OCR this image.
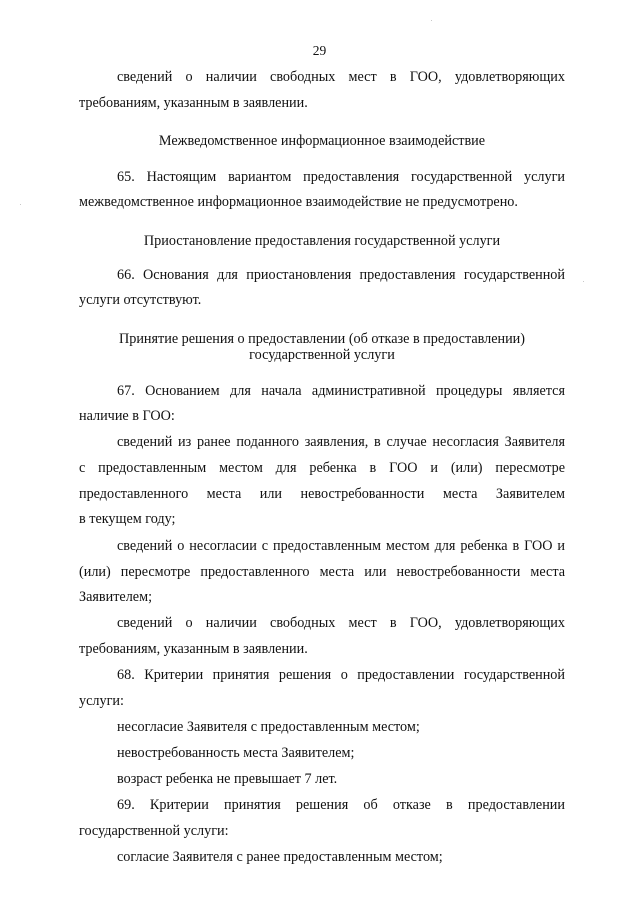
29
сведений о наличии свободных мест в ГОО, удовлетворяющих
требованиям, указанным в заявлении.
Межведомственное информационное взаимодействие
65. Настоящим вариантом предоставления государственной услуги
межведомственное информационное взаимодействие не предусмотрено.
Приостановление предоставления государственной услуги
66. Основания для приостановления предоставления государственной
услуги отсутствуют.
Принятие решения о предоставлении (об отказе в предоставлении)
государственной услуги
67. Основанием для начала административной процедуры является
наличие в ГОО:
сведений из ранее поданного заявления, в случае несогласия Заявителя
с предоставленным местом для ребенка в ГОО и (или) пересмотре
предоставленного места или невостребованности места Заявителем
в текущем году;
сведений о несогласии с предоставленным местом для ребенка в ГОО и
(или) пересмотре предоставленного места или невостребованности места
Заявителем;
сведений о наличии свободных мест в ГОО, удовлетворяющих
требованиям, указанным в заявлении.
68. Критерии принятия решения о предоставлении государственной
услуги:
несогласие Заявителя с предоставленным местом;
невостребованность места Заявителем;
возраст ребенка не превышает 7 лет.
69. Критерии принятия решения об отказе в предоставлении
государственной услуги:
согласие Заявителя с ранее предоставленным местом;
